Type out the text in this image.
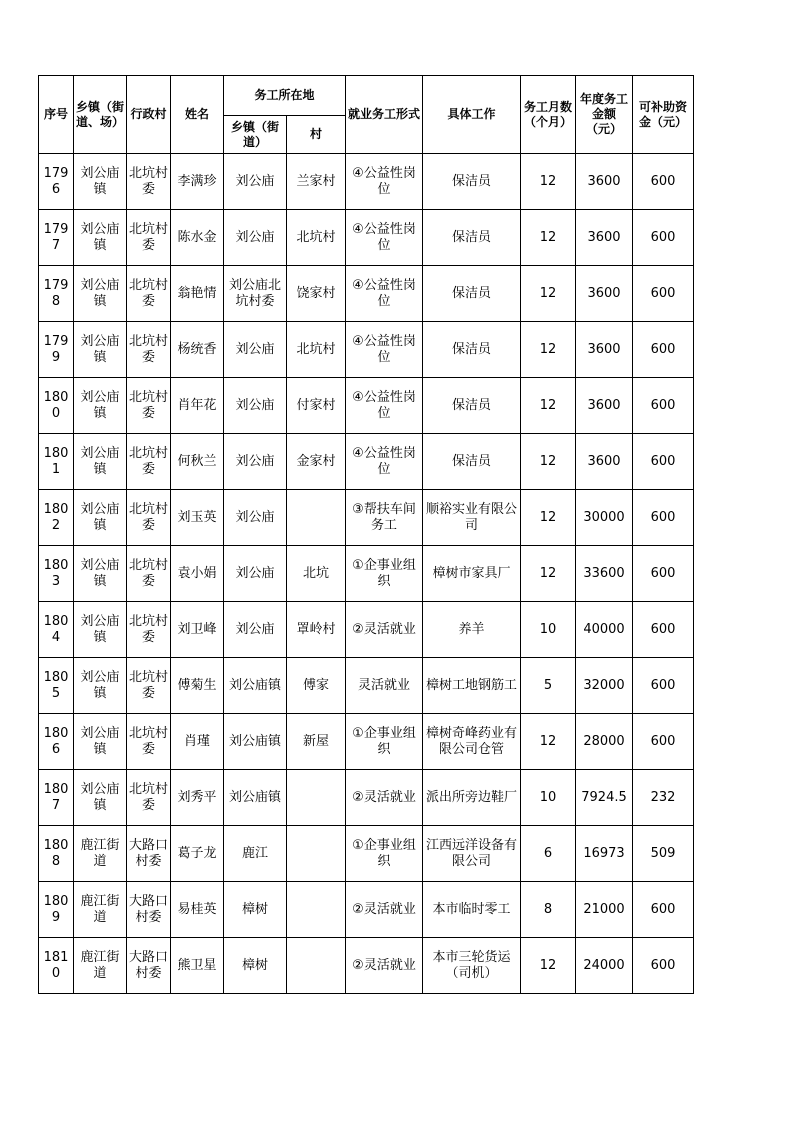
序号	乡镇（街道、场）	行政村	姓名	务工所在地		就业务工形式	具体工作	务工月数（个月）	年度务工金额（元）	可补助资金（元）
				乡镇（街道）	村					
1796	刘公庙镇	北坑村委	李满珍	刘公庙	兰家村	④公益性岗位	保洁员	12	3600	600
1797	刘公庙镇	北坑村委	陈水金	刘公庙	北坑村	④公益性岗位	保洁员	12	3600	600
1798	刘公庙镇	北坑村委	翁艳情	刘公庙北坑村委	饶家村	④公益性岗位	保洁员	12	3600	600
1799	刘公庙镇	北坑村委	杨统香	刘公庙	北坑村	④公益性岗位	保洁员	12	3600	600
1800	刘公庙镇	北坑村委	肖年花	刘公庙	付家村	④公益性岗位	保洁员	12	3600	600
1801	刘公庙镇	北坑村委	何秋兰	刘公庙	金家村	④公益性岗位	保洁员	12	3600	600
1802	刘公庙镇	北坑村委	刘玉英	刘公庙		③帮扶车间务工	顺裕实业有限公司	12	30000	600
1803	刘公庙镇	北坑村委	袁小娟	刘公庙	北坑	①企事业组织	樟树市家具厂	12	33600	600
1804	刘公庙镇	北坑村委	刘卫峰	刘公庙	罩岭村	②灵活就业	养羊	10	40000	600
1805	刘公庙镇	北坑村委	傅菊生	刘公庙镇	傅家	灵活就业	樟树工地钢筋工	5	32000	600
1806	刘公庙镇	北坑村委	肖瑾	刘公庙镇	新屋	①企事业组织	樟树奇峰药业有限公司仓管	12	28000	600
1807	刘公庙镇	北坑村委	刘秀平	刘公庙镇		②灵活就业	派出所旁边鞋厂	10	7924.5	232
1808	鹿江街道	大路口村委	葛子龙	鹿江		①企事业组织	江西远洋设备有限公司	6	16973	509
1809	鹿江街道	大路口村委	易桂英	樟树		②灵活就业	本市临时零工	8	21000	600
1810	鹿江街道	大路口村委	熊卫星	樟树		②灵活就业	本市三轮货运（司机）	12	24000	600
